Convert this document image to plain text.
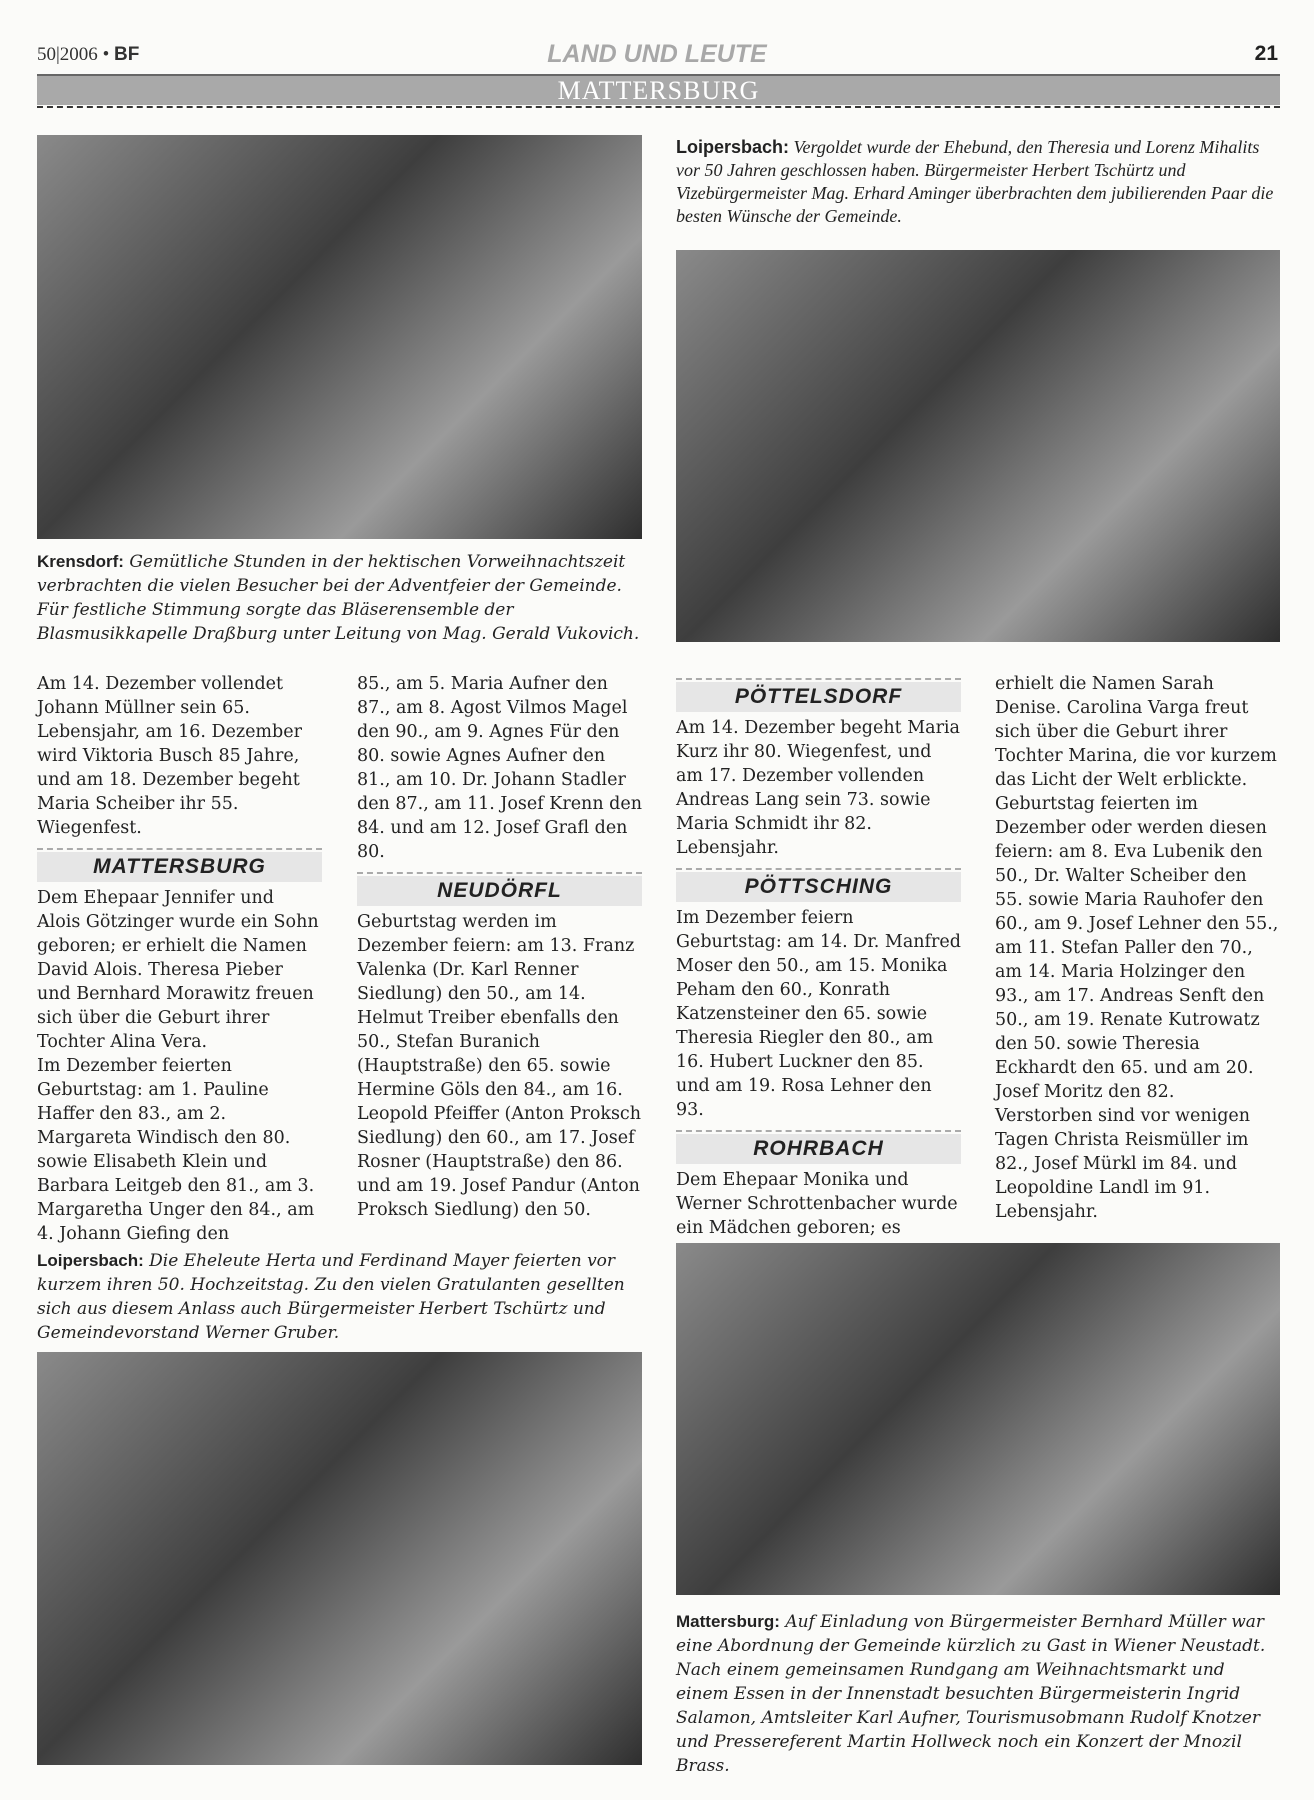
50|2006 • BF	LAND UND LEUTE	21
MATTERSBURG
Krensdorf: Gemütliche Stunden in der hektischen Vorweihnachtszeit verbrachten die vielen Besucher bei der Adventfeier der Gemeinde. Für festliche Stimmung sorgte das Bläserensemble der Blasmusikkapelle Draßburg unter Leitung von Mag. Gerald Vukovich.
Loipersbach: Vergoldet wurde der Ehebund, den Theresia und Lorenz Mihalits vor 50 Jahren geschlossen haben. Bürgermeister Herbert Tschürtz und Vizebürgermeister Mag. Erhard Aminger überbrachten dem jubilierenden Paar die besten Wünsche der Gemeinde.

Am 14. Dezember vollendet Johann Müllner sein 65. Lebensjahr, am 16. Dezember wird Viktoria Busch 85 Jahre, und am 18. Dezember begeht Maria Scheiber ihr 55. Wiegenfest.

MATTERSBURG

Dem Ehepaar Jennifer und Alois Götzinger wurde ein Sohn geboren; er erhielt die Namen David Alois. Theresa Pieber und Bernhard Morawitz freuen sich über die Geburt ihrer Tochter Alina Vera.

Im Dezember feierten Geburtstag: am 1. Pauline Haffer den 83., am 2. Margareta Windisch den 80. sowie Elisabeth Klein und Barbara Leitgeb den 81., am 3. Margaretha Unger den 84., am 4. Johann Giefing den

85., am 5. Maria Aufner den 87., am 8. Agost Vilmos Magel den 90., am 9. Agnes Für den 80. sowie Agnes Aufner den 81., am 10. Dr. Johann Stadler den 87., am 11. Josef Krenn den 84. und am 12. Josef Grafl den 80.

NEUDÖRFL

Geburtstag werden im Dezember feiern: am 13. Franz Valenka (Dr. Karl Renner Siedlung) den 50., am 14. Helmut Treiber ebenfalls den 50., Stefan Buranich (Hauptstraße) den 65. sowie Hermine Göls den 84., am 16. Leopold Pfeiffer (Anton Proksch Siedlung) den 60., am 17. Josef Rosner (Hauptstraße) den 86. und am 19. Josef Pandur (Anton Proksch Siedlung) den 50.

PÖTTELSDORF

Am 14. Dezember begeht Maria Kurz ihr 80. Wiegenfest, und am 17. Dezember vollenden Andreas Lang sein 73. sowie Maria Schmidt ihr 82. Lebensjahr.

PÖTTSCHING

Im Dezember feiern Geburtstag: am 14. Dr. Manfred Moser den 50., am 15. Monika Peham den 60., Konrath Katzensteiner den 65. sowie Theresia Riegler den 80., am 16. Hubert Luckner den 85. und am 19. Rosa Lehner den 93.

ROHRBACH

Dem Ehepaar Monika und Werner Schrottenbacher wurde ein Mädchen geboren; es

erhielt die Namen Sarah Denise. Carolina Varga freut sich über die Geburt ihrer Tochter Marina, die vor kurzem das Licht der Welt erblickte.

Geburtstag feierten im Dezember oder werden diesen feiern: am 8. Eva Lubenik den 50., Dr. Walter Scheiber den 55. sowie Maria Rauhofer den 60., am 9. Josef Lehner den 55., am 11. Stefan Paller den 70., am 14. Maria Holzinger den 93., am 17. Andreas Senft den 50., am 19. Renate Kutrowatz den 50. sowie Theresia Eckhardt den 65. und am 20. Josef Moritz den 82.

Verstorben sind vor wenigen Tagen Christa Reismüller im 82., Josef Mürkl im 84. und Leopoldine Landl im 91. Lebensjahr.

Loipersbach: Die Eheleute Herta und Ferdinand Mayer feierten vor kurzem ihren 50. Hochzeitstag. Zu den vielen Gratulanten gesellten sich aus diesem Anlass auch Bürgermeister Herbert Tschürtz und Gemeindevorstand Werner Gruber.
Mattersburg: Auf Einladung von Bürgermeister Bernhard Müller war eine Abordnung der Gemeinde kürzlich zu Gast in Wiener Neustadt. Nach einem gemeinsamen Rundgang am Weihnachtsmarkt und einem Essen in der Innenstadt besuchten Bürgermeisterin Ingrid Salamon, Amtsleiter Karl Aufner, Tourismusobmann Rudolf Knotzer und Pressereferent Martin Hollweck noch ein Konzert der Mnozil Brass.
